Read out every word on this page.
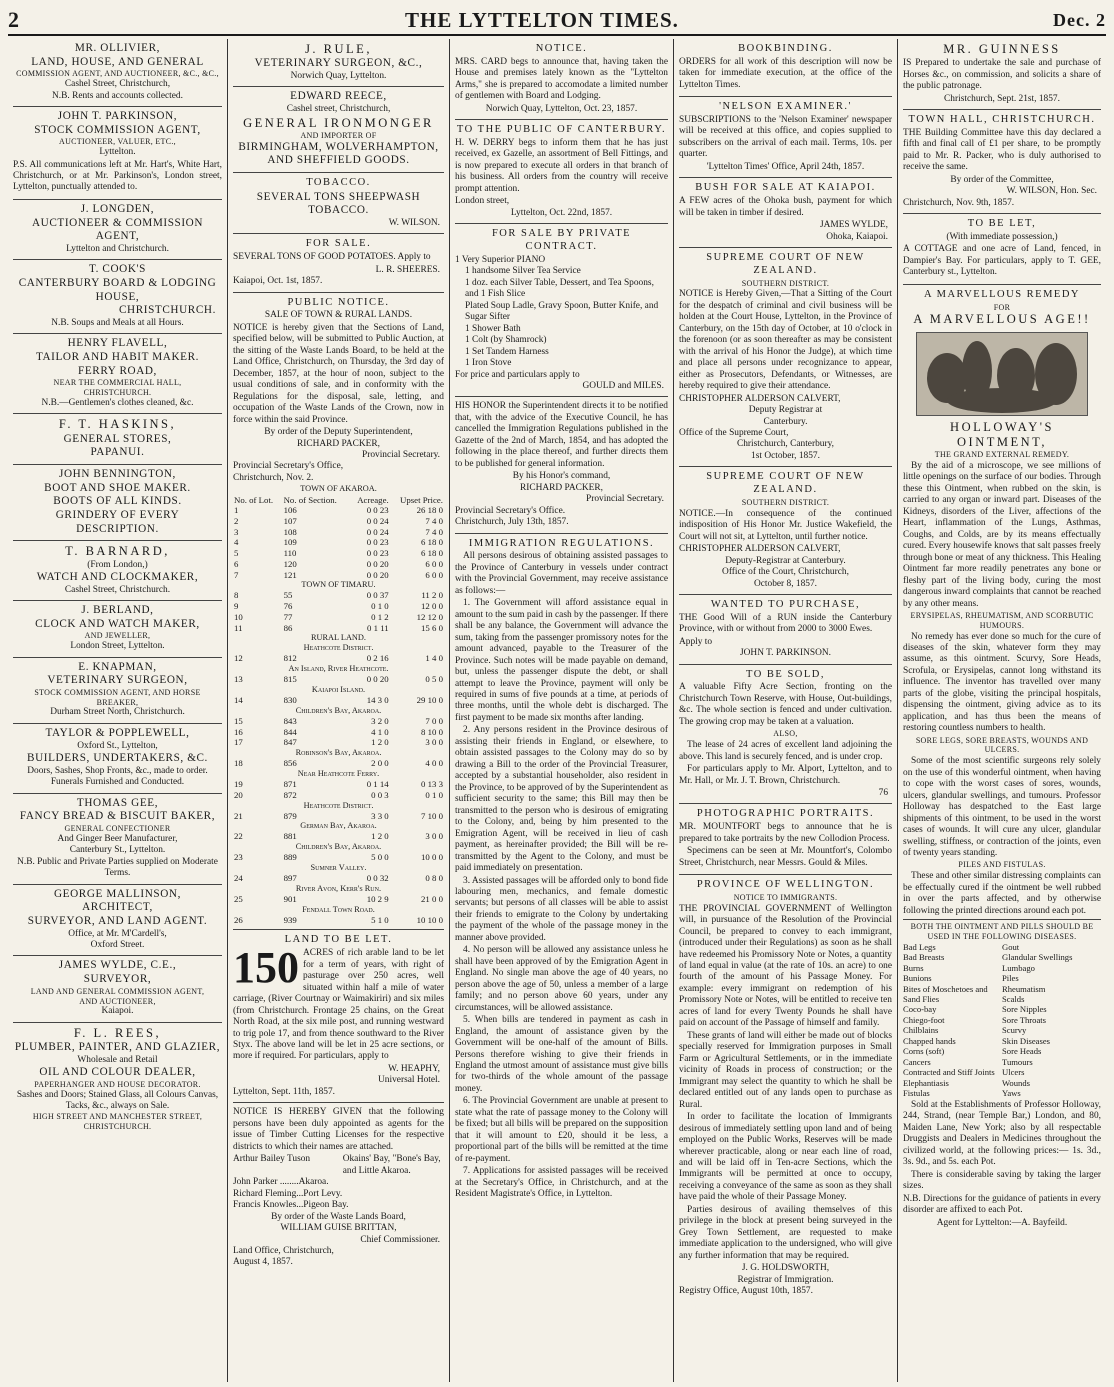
2	THE LYTTELTON TIMES.	Dec. 2
MR. OLLIVIER,
LAND, HOUSE, AND GENERAL
COMMISSION AGENT, AND AUCTIONEER, &C., &C.,
Cashel Street, Christchurch,
N.B. Rents and accounts collected.
JOHN T. PARKINSON,
STOCK COMMISSION AGENT,
AUCTIONEER, VALUER, ETC.,
Lyttelton.
P.S. All communications left at Mr. Hart's, White Hart, Christchurch, or at Mr. Parkinson's, London street, Lyttelton, punctually attended to.
J. LONGDEN,
AUCTIONEER & COMMISSION AGENT,
Lyttelton and Christchurch.
T. COOK'S
CANTERBURY BOARD & LODGING
HOUSE,
CHRISTCHURCH.
N.B. Soups and Meals at all Hours.
HENRY FLAVELL,
TAILOR AND HABIT MAKER.
FERRY ROAD,
NEAR THE COMMERCIAL HALL,
CHRISTCHURCH.
N.B.—Gentlemen's clothes cleaned, &c.
F. T. HASKINS,
GENERAL STORES,
PAPANUI.
JOHN BENNINGTON,
BOOT AND SHOE MAKER.
BOOTS OF ALL KINDS.
GRINDERY OF EVERY DESCRIPTION.
T. BARNARD,
(From London,)
WATCH AND CLOCKMAKER,
Cashel Street, Christchurch.
J. BERLAND,
CLOCK AND WATCH MAKER,
AND JEWELLER,
London Street, Lyttelton.
E. KNAPMAN,
VETERINARY SURGEON,
STOCK COMMISSION AGENT, AND HORSE
BREAKER,
Durham Street North, Christchurch.
TAYLOR & POPPLEWELL,
Oxford St., Lyttelton,
BUILDERS, UNDERTAKERS, &C.
Doors, Sashes, Shop Fronts, &c., made to order.
Funerals Furnished and Conducted.
THOMAS GEE,
FANCY BREAD & BISCUIT BAKER,
GENERAL CONFECTIONER
And Ginger Beer Manufacturer,
Canterbury St., Lyttelton.
N.B. Public and Private Parties supplied on Moderate Terms.
GEORGE MALLINSON,
ARCHITECT,
SURVEYOR, AND LAND AGENT.
Office, at Mr. M'Cardell's,
Oxford Street.
JAMES WYLDE, C.E.,
SURVEYOR,
LAND AND GENERAL COMMISSION AGENT,
AND AUCTIONEER,
Kaiapoi.
F. L. REES,
PLUMBER, PAINTER, AND GLAZIER,
Wholesale and Retail
OIL AND COLOUR DEALER,
PAPERHANGER AND HOUSE DECORATOR.
Sashes and Doors; Stained Glass, all Colours Canvas, Tacks, &c., always on Sale.
HIGH STREET AND MANCHESTER STREET, CHRISTCHURCH.
J. RULE,
VETERINARY SURGEON, &C.,
Norwich Quay, Lyttelton.
EDWARD REECE,
Cashel street, Christchurch,
GENERAL IRONMONGER
AND IMPORTER OF
BIRMINGHAM, WOLVERHAMPTON,
AND SHEFFIELD GOODS.
TOBACCO.
SEVERAL TONS SHEEPWASH TOBACCO.
W. WILSON.
FOR SALE.
SEVERAL TONS OF GOOD POTATOES. Apply to
L. R. SHEERES.
Kaiapoi, Oct. 1st, 1857.
PUBLIC NOTICE.
SALE OF TOWN & RURAL LANDS.
NOTICE is hereby given that the Sections of Land, specified below, will be submitted to Public Auction, at the sitting of the Waste Lands Board, to be held at the Land Office, Christchurch, on Thursday, the 3rd day of December, 1857, at the hour of noon, subject to the usual conditions of sale, and in conformity with the Regulations for the disposal, sale, letting, and occupation of the Waste Lands of the Crown, now in force within the said Province.
By order of the Deputy Superintendent,
RICHARD PACKER,
Provincial Secretary.
Provincial Secretary's Office,
Christchurch, Nov. 2.
TOWN OF AKAROA.
No. of Lot.	No. of Section.	Acreage.	Upset Price.
1	106	0 0 23	26 18 0
2	107	0 0 24	7 4 0
3	108	0 0 24	7 4 0
4	109	0 0 23	6 18 0
5	110	0 0 23	6 18 0
6	120	0 0 20	6 0 0
7	121	0 0 20	6 0 0
TOWN OF TIMARU.			
8	55	0 0 37	11 2 0
9	76	0 1 0	12 0 0
10	77	0 1 2	12 12 0
11	86	0 1 11	15 6 0
RURAL LAND.			
Heathcote District.			
12	812	0 2 16	1 4 0
An Island, River Heathcote.			
13	815	0 0 20	0 5 0
Kaiapoi Island.			
14	830	14 3 0	29 10 0
Children's Bay, Akaroa.			
15	843	3 2 0	7 0 0
16	844	4 1 0	8 10 0
17	847	1 2 0	3 0 0
Robinson's Bay, Akaroa.			
18	856	2 0 0	4 0 0
Near Heathcote Ferry.			
19	871	0 1 14	0 13 3
20	872	0 0 3	0 1 0
Heathcote District.			
21	879	3 3 0	7 10 0
German Bay, Akaroa.			
22	881	1 2 0	3 0 0
Children's Bay, Akaroa.			
23	889	5 0 0	10 0 0
Sumner Valley.			
24	897	0 0 32	0 8 0
River Avon, Kerr's Run.			
25	901	10 2 9	21 0 0
Fendall Town Road.			
26	939	5 1 0	10 10 0
LAND TO BE LET.
150 ACRES of rich arable land to be let for a term of years, with right of pasturage over 250 acres, well situated within half a mile of water carriage, (River Courtnay or Waimakiriri) and six miles (from Christchurch. Frontage 25 chains, on the Great North Road, at the six mile post, and running westward to trig pole 17, and from thence southward to the River Styx. The above land will be let in 25 acre sections, or more if required. For particulars, apply to
W. HEAPHY,
Universal Hotel.
Lyttelton, Sept. 11th, 1857.
NOTICE IS HEREBY GIVEN that the following persons have been duly appointed as agents for the issue of Timber Cutting Licenses for the respective districts to which their names are attached.
Arthur Bailey Tuson	Okains' Bay, "Bone's Bay, and Little Akaroa.
John Parker ........Akaroa.
Richard Fleming...Port Levy.
Francis Knowles...Pigeon Bay.
By order of the Waste Lands Board,
WILLIAM GUISE BRITTAN,
Chief Commissioner.
Land Office, Christchurch,
August 4, 1857.
NOTICE.
MRS. CARD begs to announce that, having taken the House and premises lately known as the "Lyttelton Arms," she is prepared to accomodate a limited number of gentlemen with Board and Lodging.
Norwich Quay, Lyttelton, Oct. 23, 1857.
TO THE PUBLIC OF CANTERBURY.
H. W. DERRY begs to inform them that he has just received, ex Gazelle, an assortment of Bell Fittings, and is now prepared to execute all orders in that branch of his business. All orders from the country will receive prompt attention.
London street,
Lyttelton, Oct. 22nd, 1857.
FOR SALE BY PRIVATE CONTRACT.
1 Very Superior PIANO
1 handsome Silver Tea Service
1 doz. each Silver Table, Dessert, and Tea Spoons, and 1 Fish Slice
Plated Soup Ladle, Gravy Spoon, Butter Knife, and Sugar Sifter
1 Shower Bath
1 Colt (by Shamrock)
1 Set Tandem Harness
1 Iron Stove
For price and particulars apply to
GOULD and MILES.
HIS HONOR the Superintendent directs it to be notified that, with the advice of the Executive Council, he has cancelled the Immigration Regulations published in the Gazette of the 2nd of March, 1854, and has adopted the following in the place thereof, and further directs them to be published for general information.
By his Honor's command,
RICHARD PACKER,
Provincial Secretary.
Provincial Secretary's Office.
Christchurch, July 13th, 1857.
IMMIGRATION REGULATIONS.
All persons desirous of obtaining assisted passages to the Province of Canterbury in vessels under contract with the Provincial Government, may receive assistance as follows:—
1. The Government will afford assistance equal in amount to the sum paid in cash by the passenger. If there shall be any balance, the Government will advance the sum, taking from the passenger promissory notes for the amount advanced, payable to the Treasurer of the Province. Such notes will be made payable on demand, but, unless the passenger dispute the debt, or shall attempt to leave the Province, payment will only be required in sums of five pounds at a time, at periods of three months, until the whole debt is discharged. The first payment to be made six months after landing.
2. Any persons resident in the Province desirous of assisting their friends in England, or elsewhere, to obtain assisted passages to the Colony may do so by drawing a Bill to the order of the Provincial Treasurer, accepted by a substantial householder, also resident in the Province, to be approved of by the Superintendent as sufficient security to the same; this Bill may then be transmitted to the person who is desirous of emigrating to the Colony, and, being by him presented to the Emigration Agent, will be received in lieu of cash payment, as hereinafter provided; the Bill will be re-transmitted by the Agent to the Colony, and must be paid immediately on presentation.
3. Assisted passages will be afforded only to bond fide labouring men, mechanics, and female domestic servants; but persons of all classes will be able to assist their friends to emigrate to the Colony by undertaking the payment of the whole of the passage money in the manner above provided.
4. No person will be allowed any assistance unless he shall have been approved of by the Emigration Agent in England. No single man above the age of 40 years, no person above the age of 50, unless a member of a large family; and no person above 60 years, under any circumstances, will be allowed assistance.
5. When bills are tendered in payment as cash in England, the amount of assistance given by the Government will be one-half of the amount of Bills. Persons therefore wishing to give their friends in England the utmost amount of assistance must give bills for two-thirds of the whole amount of the passage money.
6. The Provincial Government are unable at present to state what the rate of passage money to the Colony will be fixed; but all bills will be prepared on the supposition that it will amount to £20, should it be less, a proportional part of the bills will be remitted at the time of re-payment.
7. Applications for assisted passages will be received at the Secretary's Office, in Christchurch, and at the Resident Magistrate's Office, in Lyttelton.
BOOKBINDING.
ORDERS for all work of this description will now be taken for immediate execution, at the office of the Lyttelton Times.
'NELSON EXAMINER.'
SUBSCRIPTIONS to the 'Nelson Examiner' newspaper will be received at this office, and copies supplied to subscribers on the arrival of each mail. Terms, 10s. per quarter.
'Lyttelton Times' Office, April 24th, 1857.
BUSH FOR SALE AT KAIAPOI.
A FEW acres of the Ohoka bush, payment for which will be taken in timber if desired.
JAMES WYLDE,
Ohoka, Kaiapoi.
SUPREME COURT OF NEW ZEALAND.
SOUTHERN DISTRICT.
NOTICE is Hereby Given,—That a Sitting of the Court for the despatch of criminal and civil business will be holden at the Court House, Lyttelton, in the Province of Canterbury, on the 15th day of October, at 10 o'clock in the forenoon (or as soon thereafter as may be consistent with the arrival of his Honor the Judge), at which time and place all persons under recognizance to appear, either as Prosecutors, Defendants, or Witnesses, are hereby required to give their attendance.
CHRISTOPHER ALDERSON CALVERT,
Deputy Registrar at
Canterbury.
Office of the Supreme Court,
Christchurch, Canterbury,
1st October, 1857.
SUPREME COURT OF NEW ZEALAND.
SOUTHERN DISTRICT.
NOTICE.—In consequence of the continued indisposition of His Honor Mr. Justice Wakefield, the Court will not sit, at Lyttelton, until further notice.
CHRISTOPHER ALDERSON CALVERT,
Deputy-Registrar at Canterbury.
Office of the Court, Christchurch,
October 8, 1857.
WANTED TO PURCHASE,
THE Good Will of a RUN inside the Canterbury Province, with or without from 2000 to 3000 Ewes.
Apply to
JOHN T. PARKINSON.
TO BE SOLD,
A valuable Fifty Acre Section, fronting on the Christchurch Town Reserve, with House, Out-buildings, &c. The whole section is fenced and under cultivation. The growing crop may be taken at a valuation.
ALSO,
The lease of 24 acres of excellent land adjoining the above. This land is securely fenced, and is under crop.
For particulars apply to Mr. Alport, Lyttelton, and to Mr. Hall, or Mr. J. T. Brown, Christchurch.
76
PHOTOGRAPHIC PORTRAITS.
MR. MOUNTFORT begs to announce that he is prepared to take portraits by the new Collodion Process.
Specimens can be seen at Mr. Mountfort's, Colombo Street, Christchurch, near Messrs. Gould & Miles.
PROVINCE OF WELLINGTON.
NOTICE TO IMMIGRANTS.
THE PROVINCIAL GOVERNMENT of Wellington will, in pursuance of the Resolution of the Provincial Council, be prepared to convey to each immigrant, (introduced under their Regulations) as soon as he shall have redeemed his Promissory Note or Notes, a quantity of land equal in value (at the rate of 10s. an acre) to one fourth of the amount of his Passage Money. For example: every immigrant on redemption of his Promissory Note or Notes, will be entitled to receive ten acres of land for every Twenty Pounds he shall have paid on account of the Passage of himself and family.
These grants of land will either be made out of blocks specially reserved for Immigration purposes in Small Farm or Agricultural Settlements, or in the immediate vicinity of Roads in process of construction; or the Immigrant may select the quantity to which he shall be declared entitled out of any lands open to purchase as Rural.
In order to facilitate the location of Immigrants desirous of immediately settling upon land and of being employed on the Public Works, Reserves will be made wherever practicable, along or near each line of road, and will be laid off in Ten-acre Sections, which the Immigrants will be permitted at once to occupy, receiving a conveyance of the same as soon as they shall have paid the whole of their Passage Money.
Parties desirous of availing themselves of this privilege in the block at present being surveyed in the Grey Town Settlement, are requested to make immediate application to the undersigned, who will give any further information that may be required.
J. G. HOLDSWORTH,
Registrar of Immigration.
Registry Office, August 10th, 1857.
MR. GUINNESS
IS Prepared to undertake the sale and purchase of Horses &c., on commission, and solicits a share of the public patronage.
Christchurch, Sept. 21st, 1857.
TOWN HALL, CHRISTCHURCH.
THE Building Committee have this day declared a fifth and final call of £1 per share, to be promptly paid to Mr. R. Packer, who is duly authorised to receive the same.
By order of the Committee,
W. WILSON, Hon. Sec.
Christchurch, Nov. 9th, 1857.
TO BE LET,
(With immediate possession,)
A COTTAGE and one acre of Land, fenced, in Dampier's Bay. For particulars, apply to T. GEE, Canterbury st., Lyttelton.
A MARVELLOUS REMEDY
FOR
A MARVELLOUS AGE!!
HOLLOWAY'S OINTMENT,
THE GRAND EXTERNAL REMEDY.
By the aid of a microscope, we see millions of little openings on the surface of our bodies. Through these this Ointment, when rubbed on the skin, is carried to any organ or inward part. Diseases of the Kidneys, disorders of the Liver, affections of the Heart, inflammation of the Lungs, Asthmas, Coughs, and Colds, are by its means effectually cured. Every housewife knows that salt passes freely through bone or meat of any thickness. This Healing Ointment far more readily penetrates any bone or fleshy part of the living body, curing the most dangerous inward complaints that cannot be reached by any other means.
ERYSIPELAS, RHEUMATISM, AND SCORBUTIC HUMOURS.
No remedy has ever done so much for the cure of diseases of the skin, whatever form they may assume, as this ointment. Scurvy, Sore Heads, Scrofula, or Erysipelas, cannot long withstand its influence. The inventor has travelled over many parts of the globe, visiting the principal hospitals, dispensing the ointment, giving advice as to its application, and has thus been the means of restoring countless numbers to health.
SORE LEGS, SORE BREASTS, WOUNDS AND ULCERS.
Some of the most scientific surgeons rely solely on the use of this wonderful ointment, when having to cope with the worst cases of sores, wounds, ulcers, glandular swellings, and tumours. Professor Holloway has despatched to the East large shipments of this ointment, to be used in the worst cases of wounds. It will cure any ulcer, glandular swelling, stiffness, or contraction of the joints, even of twenty years standing.
PILES AND FISTULAS.
These and other similar distressing complaints can be effectually cured if the ointment be well rubbed in over the parts affected, and by otherwise following the printed directions around each pot.
BOTH THE OINTMENT AND PILLS SHOULD BE USED IN THE FOLLOWING DISEASES.
Bad Legs
Bad Breasts
Burns
Bunions
Bites of Moschetoes and Sand Flies
Coco-bay
Chiego-foot
Chilblains
Chapped hands
Corns (soft)
Cancers
Contracted and Stiff Joints
Elephantiasis
Fistulas
Gout
Glandular Swellings
Lumbago
Piles
Rheumatism
Scalds
Sore Nipples
Sore Throats
Scurvy
Skin Diseases
Sore Heads
Tumours
Ulcers
Wounds
Yaws
Sold at the Establishments of Professor Holloway, 244, Strand, (near Temple Bar,) London, and 80, Maiden Lane, New York; also by all respectable Druggists and Dealers in Medicines throughout the civilized world, at the following prices:— 1s. 3d., 3s. 9d., and 5s. each Pot.
There is considerable saving by taking the larger sizes.
N.B. Directions for the guidance of patients in every disorder are affixed to each Pot.
Agent for Lyttelton:—A. Bayfeild.
